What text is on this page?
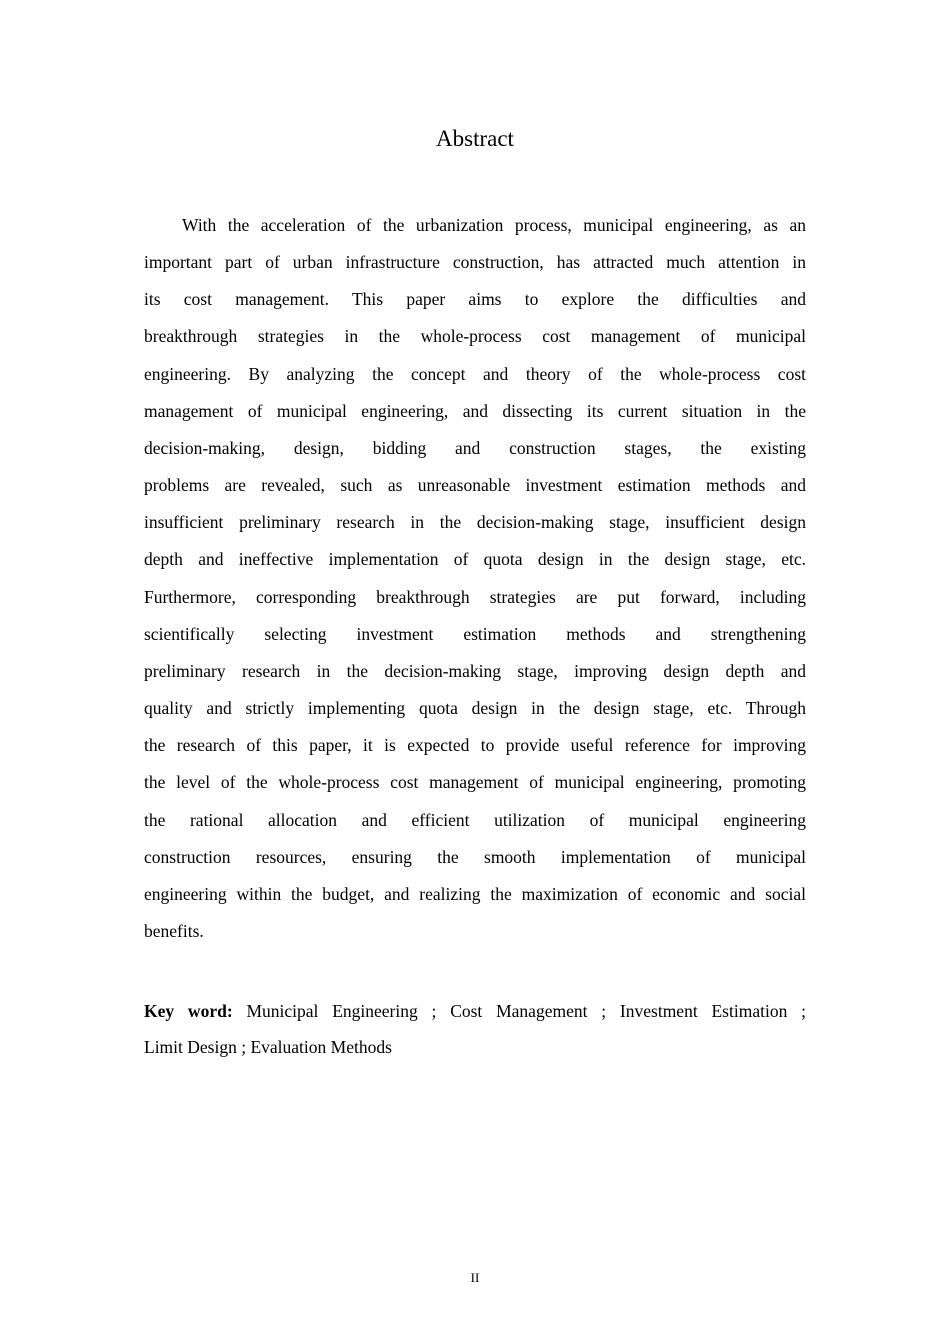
Abstract
With the acceleration of the urbanization process, municipal engineering, as an
important part of urban infrastructure construction, has attracted much attention in
its cost management. This paper aims to explore the difficulties and
breakthrough strategies in the whole-process cost management of municipal
engineering. By analyzing the concept and theory of the whole-process cost
management of municipal engineering, and dissecting its current situation in the
decision-making, design, bidding and construction stages, the existing
problems are revealed, such as unreasonable investment estimation methods and
insufficient preliminary research in the decision-making stage, insufficient design
depth and ineffective implementation of quota design in the design stage, etc.
Furthermore, corresponding breakthrough strategies are put forward, including
scientifically selecting investment estimation methods and strengthening
preliminary research in the decision-making stage, improving design depth and
quality and strictly implementing quota design in the design stage, etc. Through
the research of this paper, it is expected to provide useful reference for improving
the level of the whole-process cost management of municipal engineering, promoting
the rational allocation and efficient utilization of municipal engineering
construction resources, ensuring the smooth implementation of municipal
engineering within the budget, and realizing the maximization of economic and social
benefits.
Key word: Municipal Engineering ; Cost Management ; Investment Estimation ;
Limit Design ; Evaluation Methods
II
